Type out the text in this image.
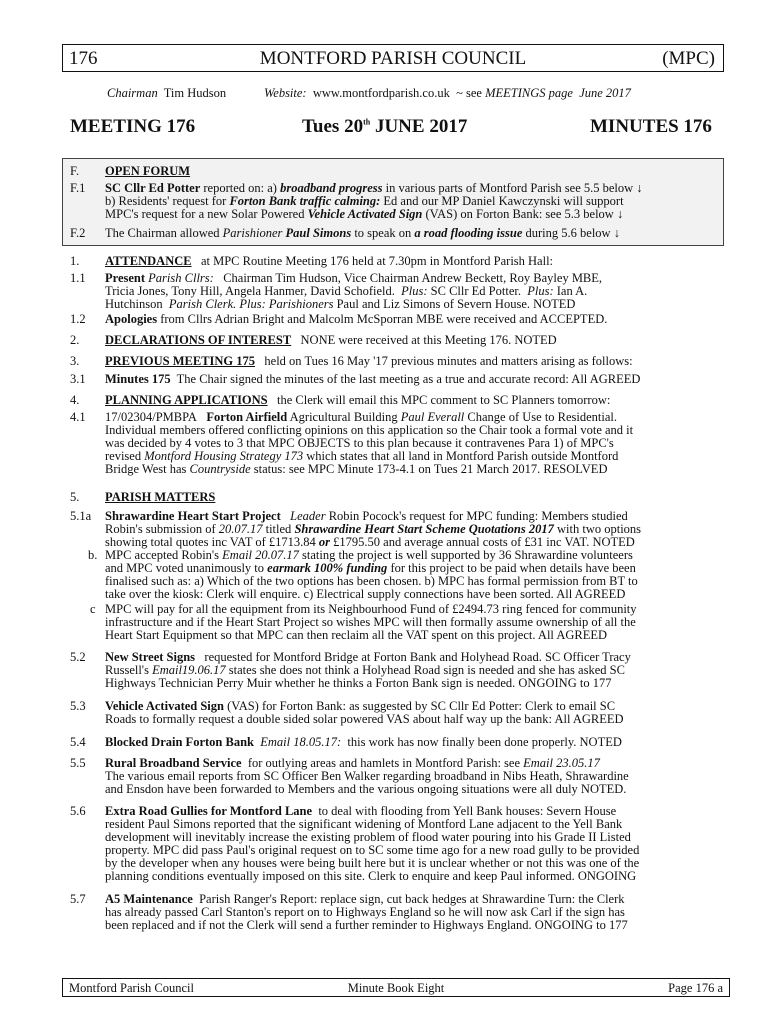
176	MONTFORD PARISH COUNCIL	(MPC)
Chairman Tim Hudson	Website: www.montfordparish.co.uk ~ see MEETINGS page June 2017
MEETING 176	Tues 20th JUNE 2017	MINUTES 176
F.	OPEN FORUM
F.1	SC Cllr Ed Potter reported on: a) broadband progress in various parts of Montford Parish see 5.5 below ↓
b) Residents' request for Forton Bank traffic calming: Ed and our MP Daniel Kawczynski will support
MPC's request for a new Solar Powered Vehicle Activated Sign (VAS) on Forton Bank: see 5.3 below ↓
F.2	The Chairman allowed Parishioner Paul Simons to speak on a road flooding issue during 5.6 below ↓
1.	ATTENDANCE at MPC Routine Meeting 176 held at 7.30pm in Montford Parish Hall:
1.1	Present Parish Cllrs: Chairman Tim Hudson, Vice Chairman Andrew Beckett, Roy Bayley MBE,
Tricia Jones, Tony Hill, Angela Hanmer, David Schofield. Plus: SC Cllr Ed Potter. Plus: Ian A.
Hutchinson Parish Clerk. Plus: Parishioners Paul and Liz Simons of Severn House. NOTED
1.2	Apologies from Cllrs Adrian Bright and Malcolm McSporran MBE were received and ACCEPTED.
2.	DECLARATIONS OF INTEREST NONE were received at this Meeting 176. NOTED
3.	PREVIOUS MEETING 175 held on Tues 16 May '17 previous minutes and matters arising as follows:
3.1	Minutes 175 The Chair signed the minutes of the last meeting as a true and accurate record: All AGREED
4.	PLANNING APPLICATIONS the Clerk will email this MPC comment to SC Planners tomorrow:
4.1	17/02304/PMBPA Forton Airfield Agricultural Building Paul Everall Change of Use to Residential.
Individual members offered conflicting opinions on this application so the Chair took a formal vote and it
was decided by 4 votes to 3 that MPC OBJECTS to this plan because it contravenes Para 1) of MPC's
revised Montford Housing Strategy 173 which states that all land in Montford Parish outside Montford
Bridge West has Countryside status: see MPC Minute 173-4.1 on Tues 21 March 2017. RESOLVED
5.	PARISH MATTERS
5.1a	Shrawardine Heart Start Project Leader Robin Pocock's request for MPC funding: Members studied
Robin's submission of 20.07.17 titled Shrawardine Heart Start Scheme Quotations 2017 with two options
showing total quotes inc VAT of £1713.84 or £1795.50 and average annual costs of £31 inc VAT. NOTED
b. MPC accepted Robin's Email 20.07.17 stating the project is well supported by 36 Shrawardine volunteers
and MPC voted unanimously to earmark 100% funding for this project to be paid when details have been
finalised such as: a) Which of the two options has been chosen. b) MPC has formal permission from BT to
take over the kiosk: Clerk will enquire. c) Electrical supply connections have been sorted. All AGREED
c MPC will pay for all the equipment from its Neighbourhood Fund of £2494.73 ring fenced for community
infrastructure and if the Heart Start Project so wishes MPC will then formally assume ownership of all the
Heart Start Equipment so that MPC can then reclaim all the VAT spent on this project. All AGREED
5.2	New Street Signs requested for Montford Bridge at Forton Bank and Holyhead Road. SC Officer Tracy
Russell's Email19.06.17 states she does not think a Holyhead Road sign is needed and she has asked SC
Highways Technician Perry Muir whether he thinks a Forton Bank sign is needed. ONGOING to 177
5.3	Vehicle Activated Sign (VAS) for Forton Bank: as suggested by SC Cllr Ed Potter: Clerk to email SC
Roads to formally request a double sided solar powered VAS about half way up the bank: All AGREED
5.4	Blocked Drain Forton Bank Email 18.05.17: this work has now finally been done properly. NOTED
5.5	Rural Broadband Service for outlying areas and hamlets in Montford Parish: see Email 23.05.17
The various email reports from SC Officer Ben Walker regarding broadband in Nibs Heath, Shrawardine
and Ensdon have been forwarded to Members and the various ongoing situations were all duly NOTED.
5.6	Extra Road Gullies for Montford Lane to deal with flooding from Yell Bank houses: Severn House
resident Paul Simons reported that the significant widening of Montford Lane adjacent to the Yell Bank
development will inevitably increase the existing problem of flood water pouring into his Grade II Listed
property. MPC did pass Paul's original request on to SC some time ago for a new road gully to be provided
by the developer when any houses were being built here but it is unclear whether or not this was one of the
planning conditions eventually imposed on this site. Clerk to enquire and keep Paul informed. ONGOING
5.7	A5 Maintenance Parish Ranger's Report: replace sign, cut back hedges at Shrawardine Turn: the Clerk
has already passed Carl Stanton's report on to Highways England so he will now ask Carl if the sign has
been replaced and if not the Clerk will send a further reminder to Highways England. ONGOING to 177
Montford Parish Council	Minute Book Eight	Page 176 a
